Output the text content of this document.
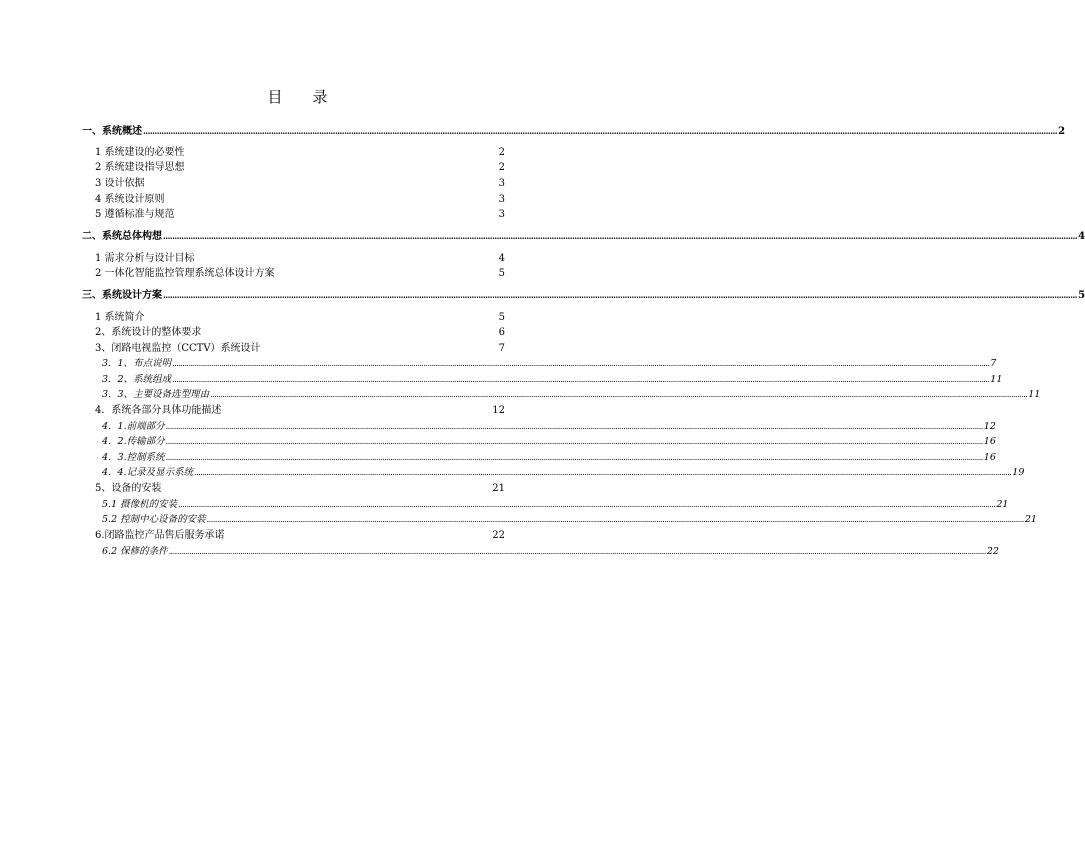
目 录
一、系统概述 ................................................................................................................................................................................................................................................................................................................................................................................................................ 2
1 系统建设的必要性	2
2 系统建设指导思想	2
3 设计依据	3
4 系统设计原则	3
5 遵循标准与规范	3
二、系统总体构想 ................................................................................................................................................................................................................................................................................................................................................................................................................ 4
1 需求分析与设计目标	4
2 一体化智能监控管理系统总体设计方案	5
三、系统设计方案 ................................................................................................................................................................................................................................................................................................................................................................................................................ 5
1 系统简介	5
2、系统设计的整体要求	6
3、闭路电视监控（CCTV）系统设计	7
3．1、布点说明 ................................................................................................................................................................................................................................................................................................................................................................................................................ 7
3．2、系统组成 ................................................................................................................................................................................................................................................................................................................................................................................................................ 11
3．3、主要设备选型理由 ................................................................................................................................................................................................................................................................................................................................................................................................................ 11
4．系统各部分具体功能描述	12
4．1.前端部分 ................................................................................................................................................................................................................................................................................................................................................................................................................ 12
4．2.传输部分 ................................................................................................................................................................................................................................................................................................................................................................................................................ 16
4．3.控制系统 ................................................................................................................................................................................................................................................................................................................................................................................................................ 16
4．4.记录及显示系统 ................................................................................................................................................................................................................................................................................................................................................................................................................ 19
5、设备的安装	21
5.1 摄像机的安装 ................................................................................................................................................................................................................................................................................................................................................................................................................ 21
5.2 控制中心设备的安装 ................................................................................................................................................................................................................................................................................................................................................................................................................ 21
6.闭路监控产品售后服务承诺	22
6.2 保修的条件 ................................................................................................................................................................................................................................................................................................................................................................................................................ 22
